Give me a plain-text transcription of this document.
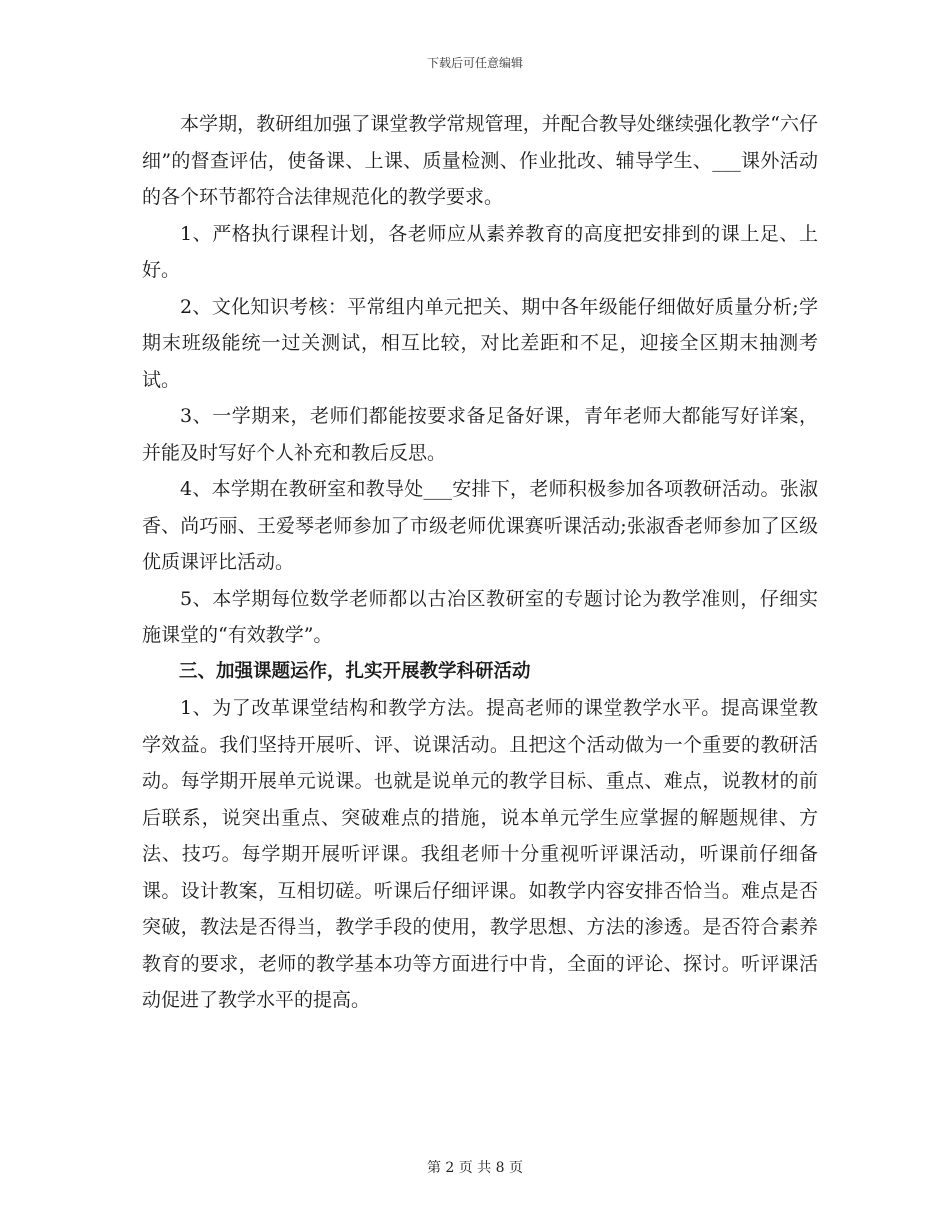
下载后可任意编辑

本学期，教研组加强了课堂教学常规管理，并配合教导处继续强化教学“六仔细”的督查评估，使备课、上课、质量检测、作业批改、辅导学生、___课外活动的各个环节都符合法律规范化的教学要求。

1、严格执行课程计划，各老师应从素养教育的高度把安排到的课上足、上好。

2、文化知识考核：平常组内单元把关、期中各年级能仔细做好质量分析;学期末班级能统一过关测试，相互比较，对比差距和不足，迎接全区期末抽测考试。

3、一学期来，老师们都能按要求备足备好课，青年老师大都能写好详案，并能及时写好个人补充和教后反思。

4、本学期在教研室和教导处___安排下，老师积极参加各项教研活动。张淑香、尚巧丽、王爱琴老师参加了市级老师优课赛听课活动;张淑香老师参加了区级优质课评比活动。

5、本学期每位数学老师都以古冶区教研室的专题讨论为教学准则，仔细实施课堂的“有效教学”。

三、加强课题运作，扎实开展教学科研活动

1、为了改革课堂结构和教学方法。提高老师的课堂教学水平。提高课堂教学效益。我们坚持开展听、评、说课活动。且把这个活动做为一个重要的教研活动。每学期开展单元说课。也就是说单元的教学目标、重点、难点，说教材的前后联系，说突出重点、突破难点的措施，说本单元学生应掌握的解题规律、方法、技巧。每学期开展听评课。我组老师十分重视听评课活动，听课前仔细备课。设计教案，互相切磋。听课后仔细评课。如教学内容安排否恰当。难点是否突破，教法是否得当，教学手段的使用，教学思想、方法的渗透。是否符合素养教育的要求，老师的教学基本功等方面进行中肯，全面的评论、探讨。听评课活动促进了教学水平的提高。

第 2 页 共 8 页
